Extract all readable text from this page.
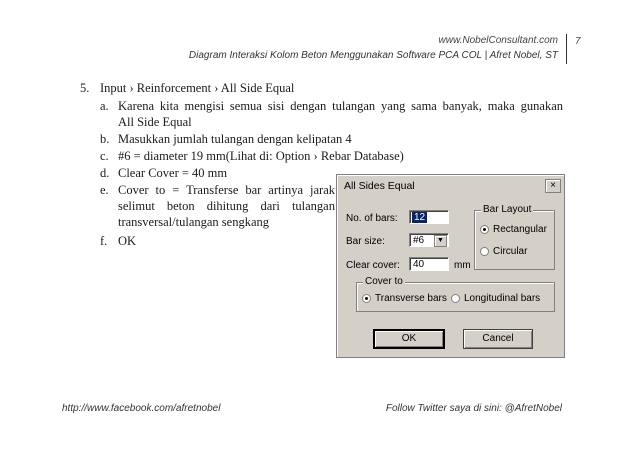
www.NobelConsultant.com
Diagram Interaksi Kolom Beton Menggunakan Software PCA COL | Afret Nobel, ST
7
5. Input › Reinforcement › All Side Equal
a. Karena kita mengisi semua sisi dengan tulangan yang sama banyak, maka gunakan
All Side Equal
b. Masukkan jumlah tulangan dengan kelipatan 4
c. #6 = diameter 19 mm(Lihat di: Option › Rebar Database)
d. Clear Cover = 40 mm
e. Cover to = Transferse bar artinya jarak
selimut beton dihitung dari tulangan
transversal/tulangan sengkang
f. OK
All Sides Equal	×
No. of bars:	12
Bar size:	#6	▼
Clear cover:	40	mm
Bar Layout
Rectangular
Circular
Cover to
Transverse bars Longitudinal bars
OK	Cancel
http://www.facebook.com/afretnobel	Follow Twitter saya di sini: @AfretNobel
